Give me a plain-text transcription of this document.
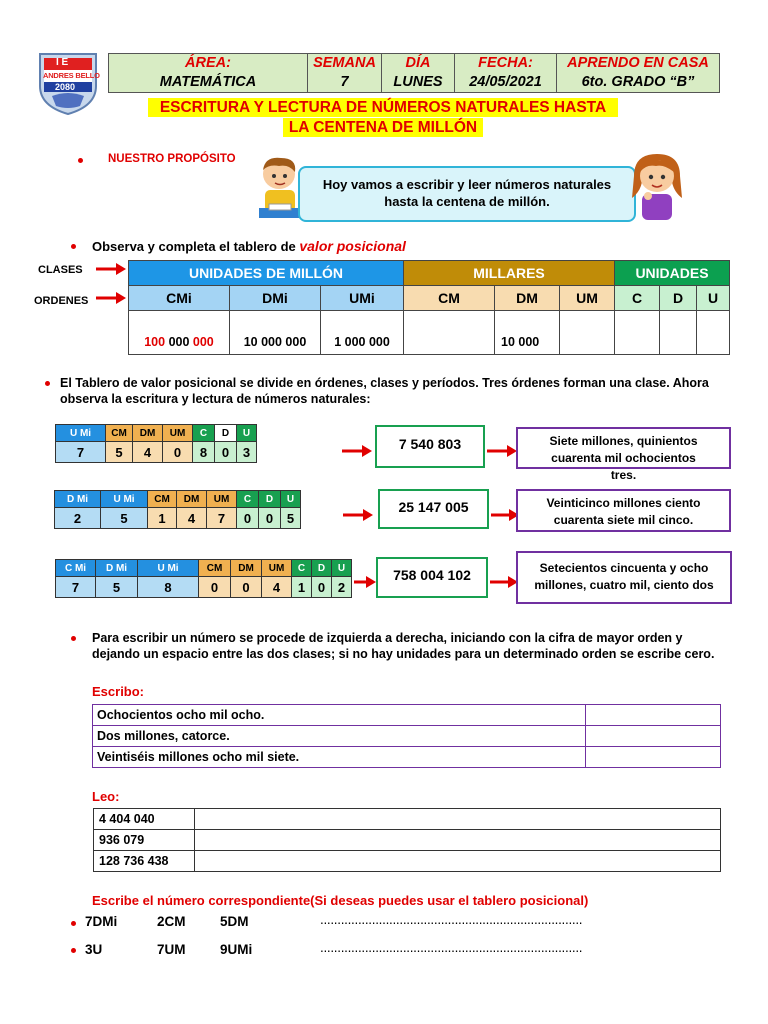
I E
ANDRES BELLO
2080
ÁREA:
MATEMÁTICA

SEMANA
7

DÍA
LUNES

FECHA:
24/05/2021

APRENDO EN CASA
6to. GRADO “B”
ESCRITURA Y LECTURA DE NÚMEROS NATURALES HASTA
LA CENTENA DE MILLÓN
NUESTRO PROPÓSITO
Hoy vamos a escribir y leer números naturales hasta la centena de millón.
Observa y completa el tablero de valor posicional
CLASES
ORDENES
UNIDADES DE MILLÓN			MILLARES			UNIDADES		
CMi	DMi	UMi	CM	DM	UM	C	D	U
100 000 000	10 000 000	1 000 000		10 000				
El Tablero de valor posicional se divide en órdenes, clases y períodos. Tres órdenes forman una clase. Ahora observa la escritura y lectura de números naturales:
U Mi	CM	DM	UM	C	D	U
7	5	4	0	8	0	3	7 540 803	Siete millones, quinientos cuarenta mil ochocientos tres.
D Mi	U Mi	CM	DM	UM	C	D	U
2	5	1	4	7	0	0	5
25 147 005	Veinticinco millones ciento cuarenta siete mil cinco.
C Mi	D Mi	U Mi	CM	DM	UM	C	D	U
7	5	8	0	0	4	1	0	2
758 004 102	Setecientos cincuenta y ocho millones, cuatro mil, ciento dos
Para escribir un número se procede de izquierda a derecha, iniciando con la cifra de mayor orden y dejando un espacio entre las dos clases; si no hay unidades para un determinado orden se escribe cero.
Escribo:
Ochocientos ocho mil ocho.	
Dos millones, catorce.	
Veintiséis millones ocho mil siete.	
Leo:
4 404 040	
936 079	
128 736 438	
Escribe el número correspondiente(Si deseas puedes usar el tablero posicional)
7DMi	2CM	5DM	............................................................................
3U	7UM	9UMi	............................................................................
